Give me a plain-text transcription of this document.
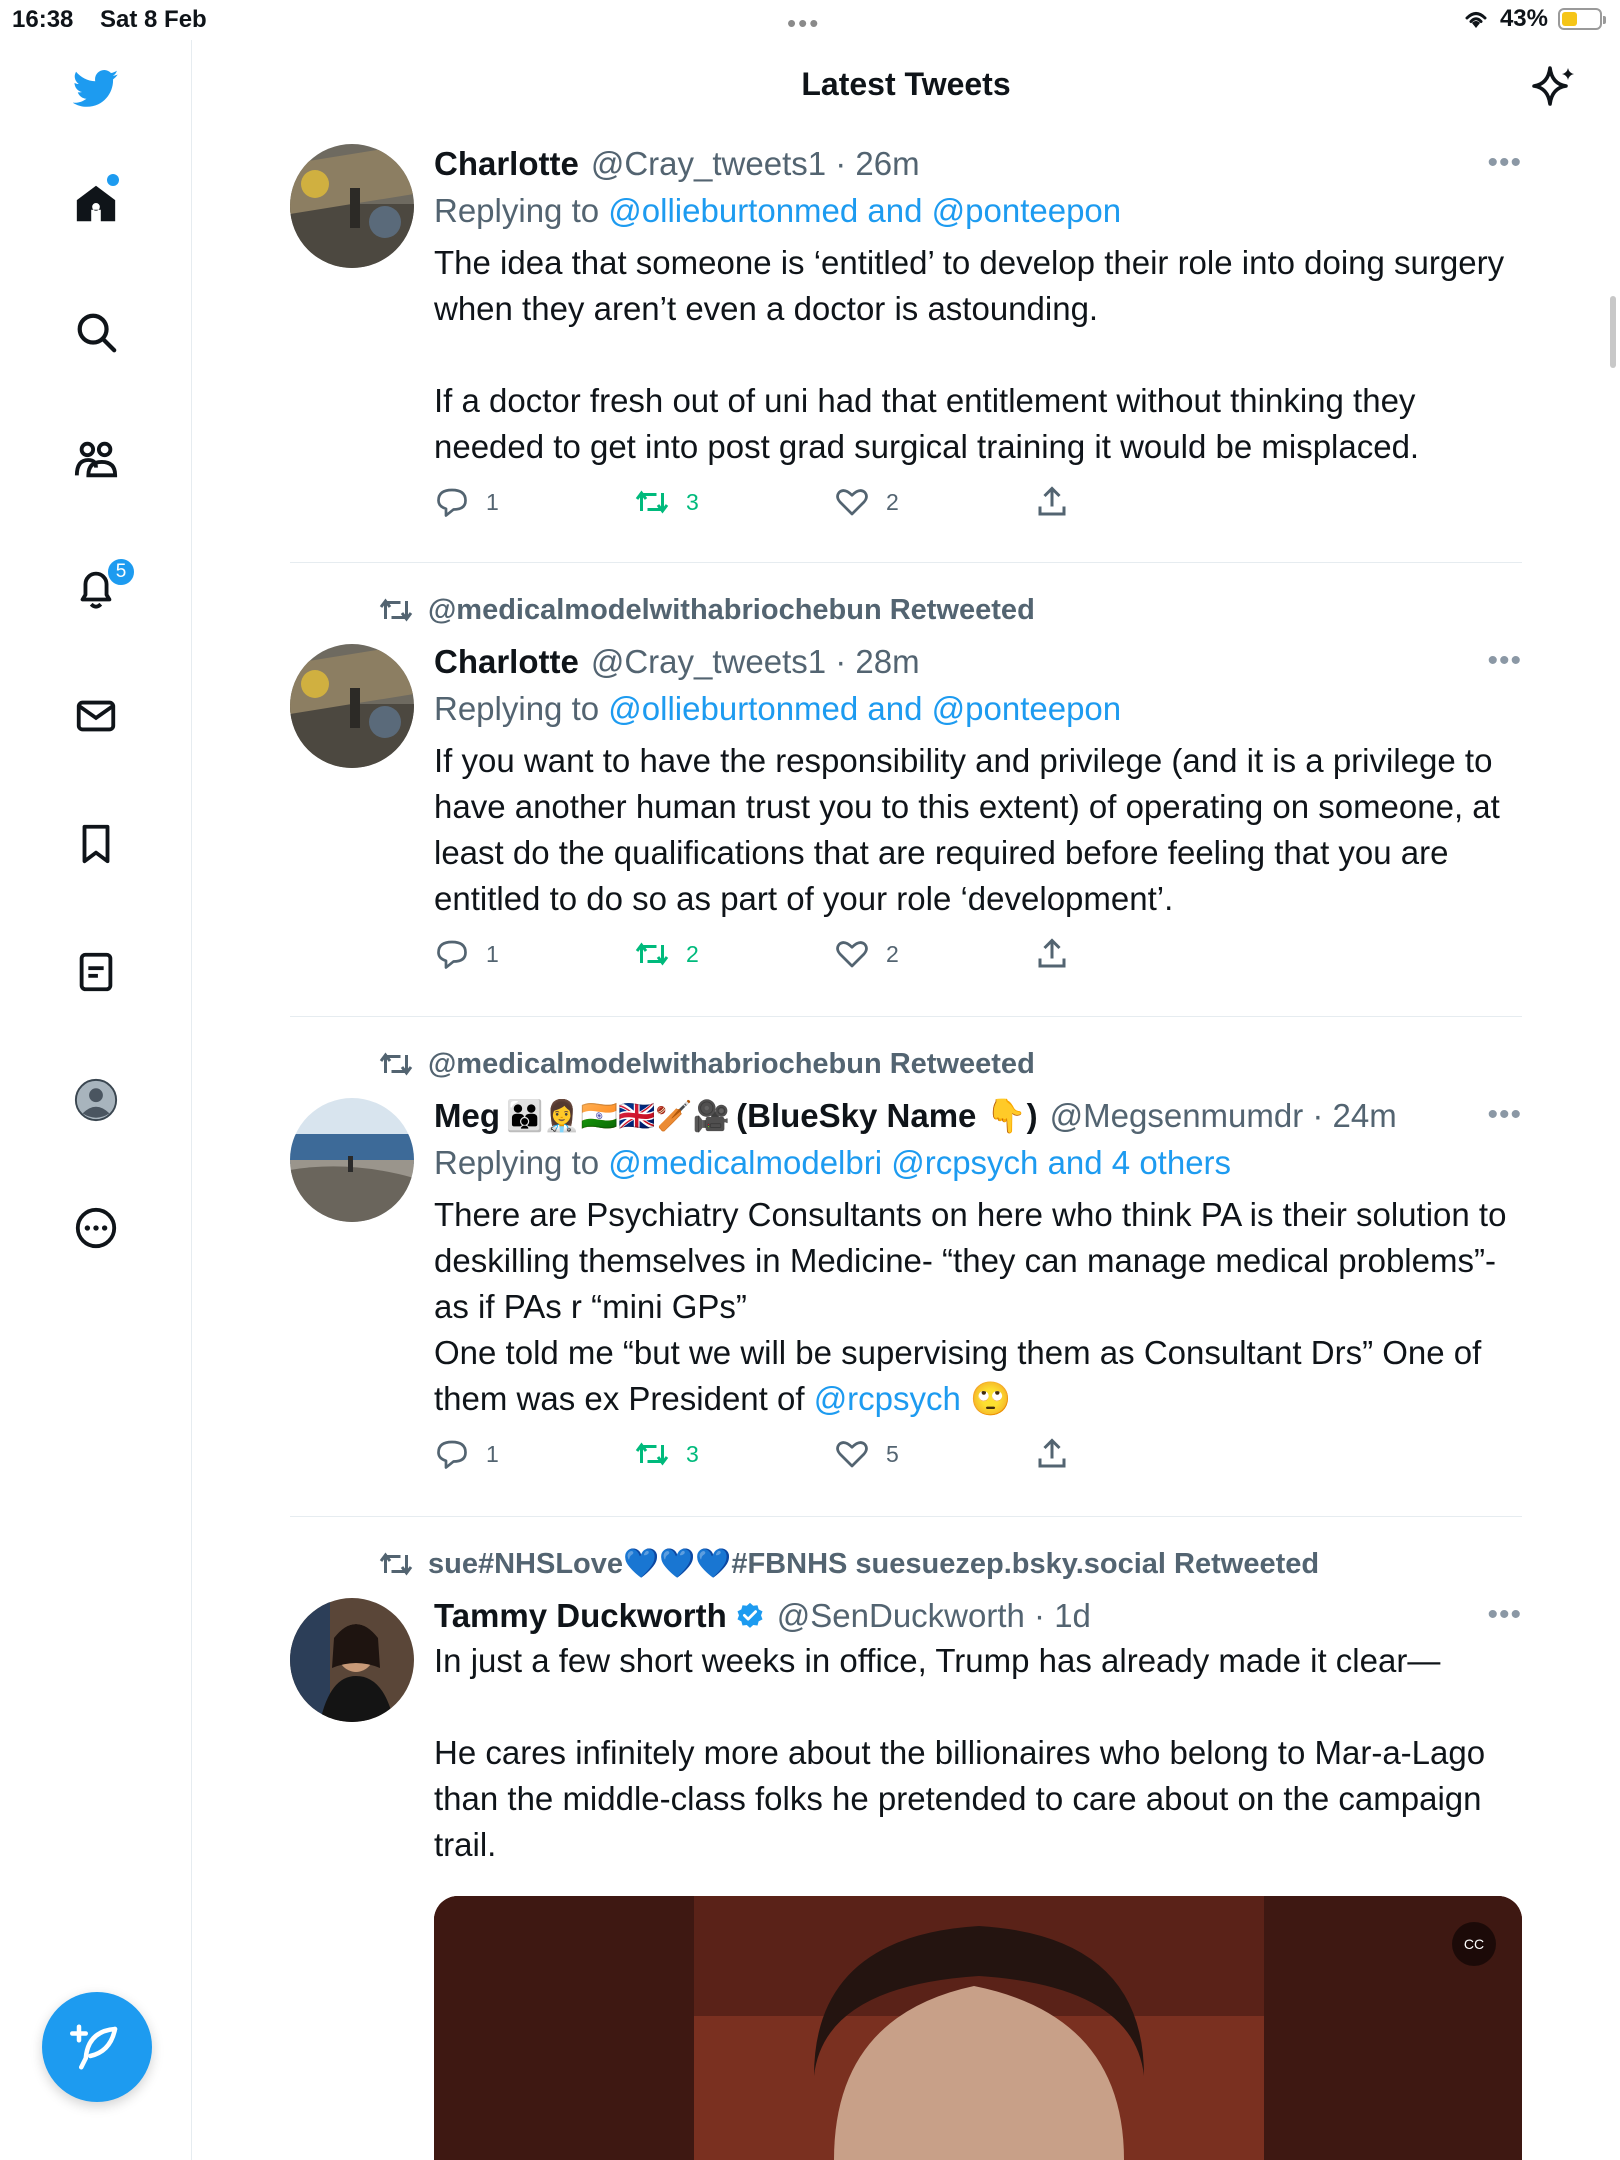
16:38 Sat 8 Feb	•••	43%
5
Latest Tweets
Charlotte @Cray_tweets1 · 26m	•••
Replying to @ollieburtonmed and @ponteepon

The idea that someone is ‘entitled’ to develop their role into doing surgery when they aren’t even a doctor is astounding.

If a doctor fresh out of uni had that entitlement without thinking they needed to get into post grad surgical training it would be misplaced.

1	3	2
@medicalmodelwithabriochebun Retweeted
Charlotte @Cray_tweets1 · 28m	•••
Replying to @ollieburtonmed and @ponteepon

If you want to have the responsibility and privilege (and it is a privilege to have another human trust you to this extent) of operating on someone, at least do the qualifications that are required before feeling that you are entitled to do so as part of your role ‘development’.

1	2	2
@medicalmodelwithabriochebun Retweeted
Meg 👪👩‍⚕️🇮🇳🇬🇧🏏🎥 (BlueSky Name 👇) @Megsenmumdr · 24m	•••
Replying to @medicalmodelbri @rcpsych and 4 others

There are Psychiatry Consultants on here who think PA is their solution to deskilling themselves in Medicine- “they can manage medical problems”- as if PAs r “mini GPs”

One told me “but we will be supervising them as Consultant Drs” One of them was ex President of @rcpsych 🙄

1	3	5
sue#NHSLove💙💙💙#FBNHS suesuezep.bsky.social Retweeted
Tammy Duckworth @SenDuckworth · 1d	•••

In just a few short weeks in office, Trump has already made it clear—

He cares infinitely more about the billionaires who belong to Mar-a-Lago than the middle-class folks he pretended to care about on the campaign trail.

CC
